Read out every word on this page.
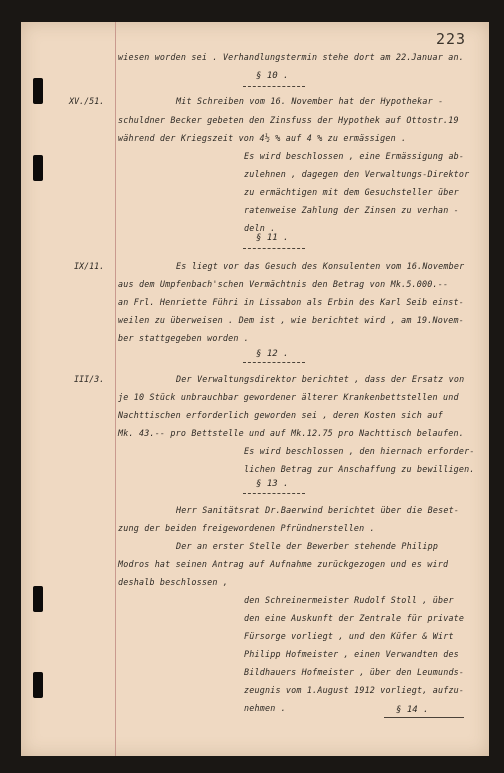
223
XV./51.
IX/11.
III/3.
wiesen worden sei . Verhandlungstermin stehe dort am 22.Januar an.
§ 10 .
Mit Schreiben vom 16. November hat der Hypothekar -
schuldner Becker gebeten den Zinsfuss der Hypothek auf Ottostr.19
während der Kriegszeit von 4½ % auf 4 % zu ermässigen .
Es wird beschlossen , eine Ermässigung ab-
zulehnen , dagegen den Verwaltungs-Direktor
zu ermächtigen mit dem Gesuchsteller über
ratenweise Zahlung der Zinsen zu verhan -
deln .
§ 11 .
Es liegt vor das Gesuch des Konsulenten vom 16.November
aus dem Umpfenbach'schen Vermächtnis den Betrag von Mk.5.000.--
an Frl. Henriette Führi in Lissabon als Erbin des Karl Seib einst-
weilen zu überweisen . Dem ist , wie berichtet wird , am 19.Novem-
ber stattgegeben worden .
§ 12 .
Der Verwaltungsdirektor berichtet , dass der Ersatz von
je 10 Stück unbrauchbar gewordener älterer Krankenbettstellen und
Nachttischen erforderlich geworden sei , deren Kosten sich auf
Mk. 43.-- pro Bettstelle und auf Mk.12.75 pro Nachttisch belaufen.
Es wird beschlossen , den hiernach erforder-
lichen Betrag zur Anschaffung zu bewilligen.
§ 13 .
Herr Sanitätsrat Dr.Baerwind berichtet über die Beset-
zung der beiden freigewordenen Pfründnerstellen .
Der an erster Stelle der Bewerber stehende Philipp
Modros hat seinen Antrag auf Aufnahme zurückgezogen und es wird
deshalb beschlossen ,
den Schreinermeister Rudolf Stoll , über
den eine Auskunft der Zentrale für private
Fürsorge vorliegt , und den Küfer & Wirt
Philipp Hofmeister , einen Verwandten des
Bildhauers Hofmeister , über den Leumunds-
zeugnis vom 1.August 1912 vorliegt, aufzu-
nehmen .	§ 14 .
